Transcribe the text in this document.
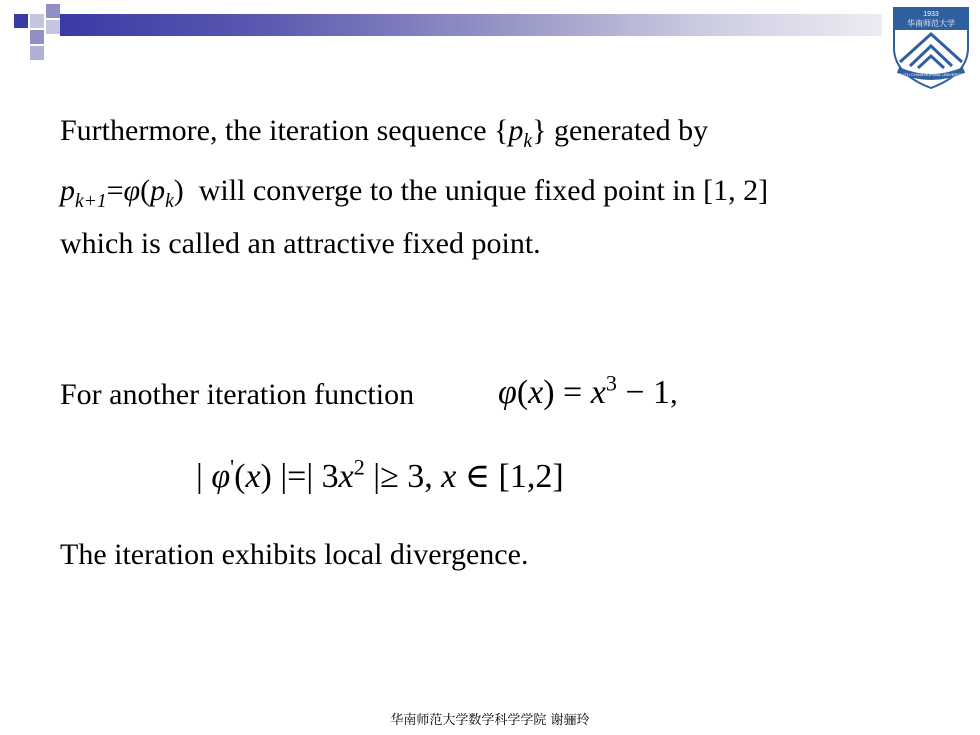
1933
华南师范大学
SOUTH CHINA NORMAL UNIVERSITY
Furthermore, the iteration sequence $\{p_k\}$ generated by
$p_{k+1}=\varphi(p_k)$  will converge to the unique fixed point in [1, 2]
which is called an attractive fixed point.
For another iteration function $\varphi(x) = x^3 - 1$,
| φ'(x) |=| $3x^2$ |≥ 3, x ∈ [1,2]
The iteration exhibits local divergence.
华南师范大学数学科学学院 谢骊玲
